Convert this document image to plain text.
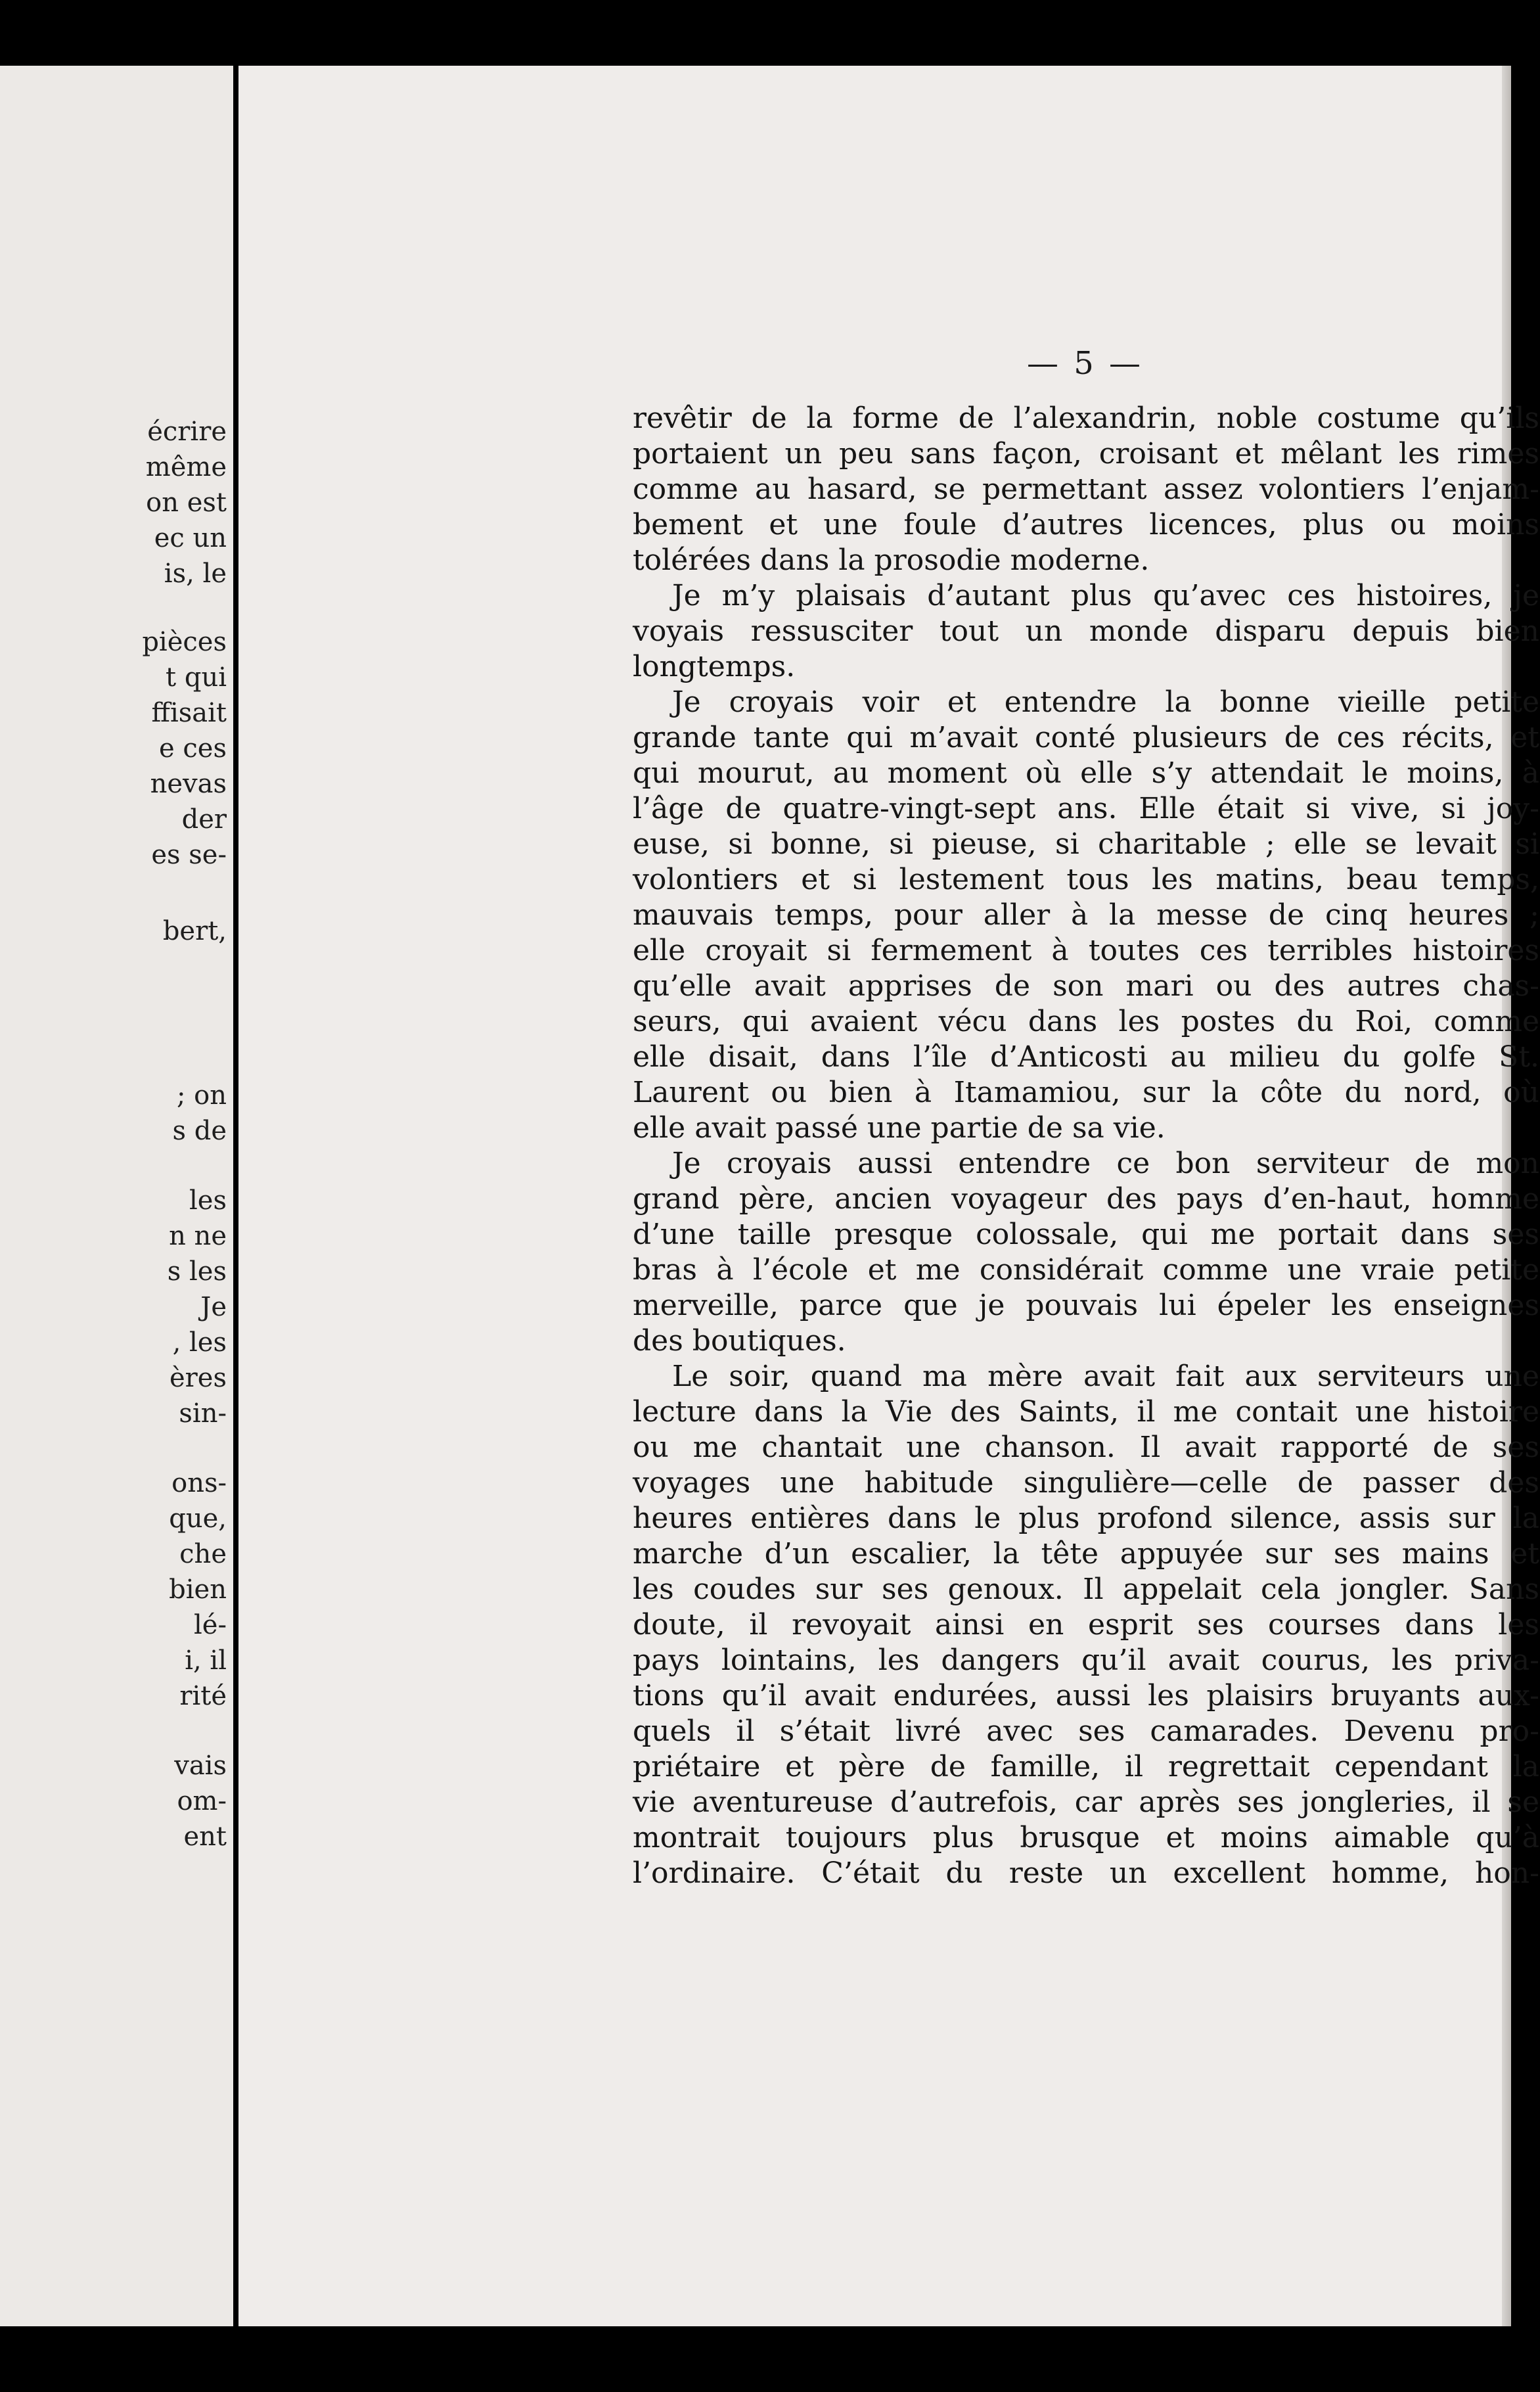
écrire
même
on est
ec un
is, le
pièces
t qui
ffisait
e ces
nevas
der
es se-
bert,
; on
s de
les
n ne
s les
Je
, les
ères
sin-
ons-
que,
che
bien
lé-
i, il
rité
vais
om-
ent
— 5 —
revêtir de la forme de l’alexandrin, noble costume qu’ils
portaient un peu sans façon, croisant et mêlant les rimes
comme au hasard, se permettant assez volontiers l’enjam-
bement et une foule d’autres licences, plus ou moins
tolérées dans la prosodie moderne.
Je m’y plaisais d’autant plus qu’avec ces histoires, je
voyais ressusciter tout un monde disparu depuis bien
longtemps.
Je croyais voir et entendre la bonne vieille petite
grande tante qui m’avait conté plusieurs de ces récits, et
qui mourut, au moment où elle s’y attendait le moins, à
l’âge de quatre-vingt-sept ans. Elle était si vive, si joy-
euse, si bonne, si pieuse, si charitable ; elle se levait si
volontiers et si lestement tous les matins, beau temps,
mauvais temps, pour aller à la messe de cinq heures ;
elle croyait si fermement à toutes ces terribles histoires
qu’elle avait apprises de son mari ou des autres chas-
seurs, qui avaient vécu dans les postes du Roi, comme
elle disait, dans l’île d’Anticosti au milieu du golfe St.
Laurent ou bien à Itamamiou, sur la côte du nord, où
elle avait passé une partie de sa vie.
Je croyais aussi entendre ce bon serviteur de mon
grand père, ancien voyageur des pays d’en-haut, homme
d’une taille presque colossale, qui me portait dans ses
bras à l’école et me considérait comme une vraie petite
merveille, parce que je pouvais lui épeler les enseignes
des boutiques.
Le soir, quand ma mère avait fait aux serviteurs une
lecture dans la Vie des Saints, il me contait une histoire
ou me chantait une chanson. Il avait rapporté de ses
voyages une habitude singulière—celle de passer des
heures entières dans le plus profond silence, assis sur la
marche d’un escalier, la tête appuyée sur ses mains et
les coudes sur ses genoux. Il appelait cela jongler. Sans
doute, il revoyait ainsi en esprit ses courses dans les
pays lointains, les dangers qu’il avait courus, les priva-
tions qu’il avait endurées, aussi les plaisirs bruyants aux-
quels il s’était livré avec ses camarades. Devenu pro-
priétaire et père de famille, il regrettait cependant la
vie aventureuse d’autrefois, car après ses jongleries, il se
montrait toujours plus brusque et moins aimable qu’à
l’ordinaire. C’était du reste un excellent homme, hon-
